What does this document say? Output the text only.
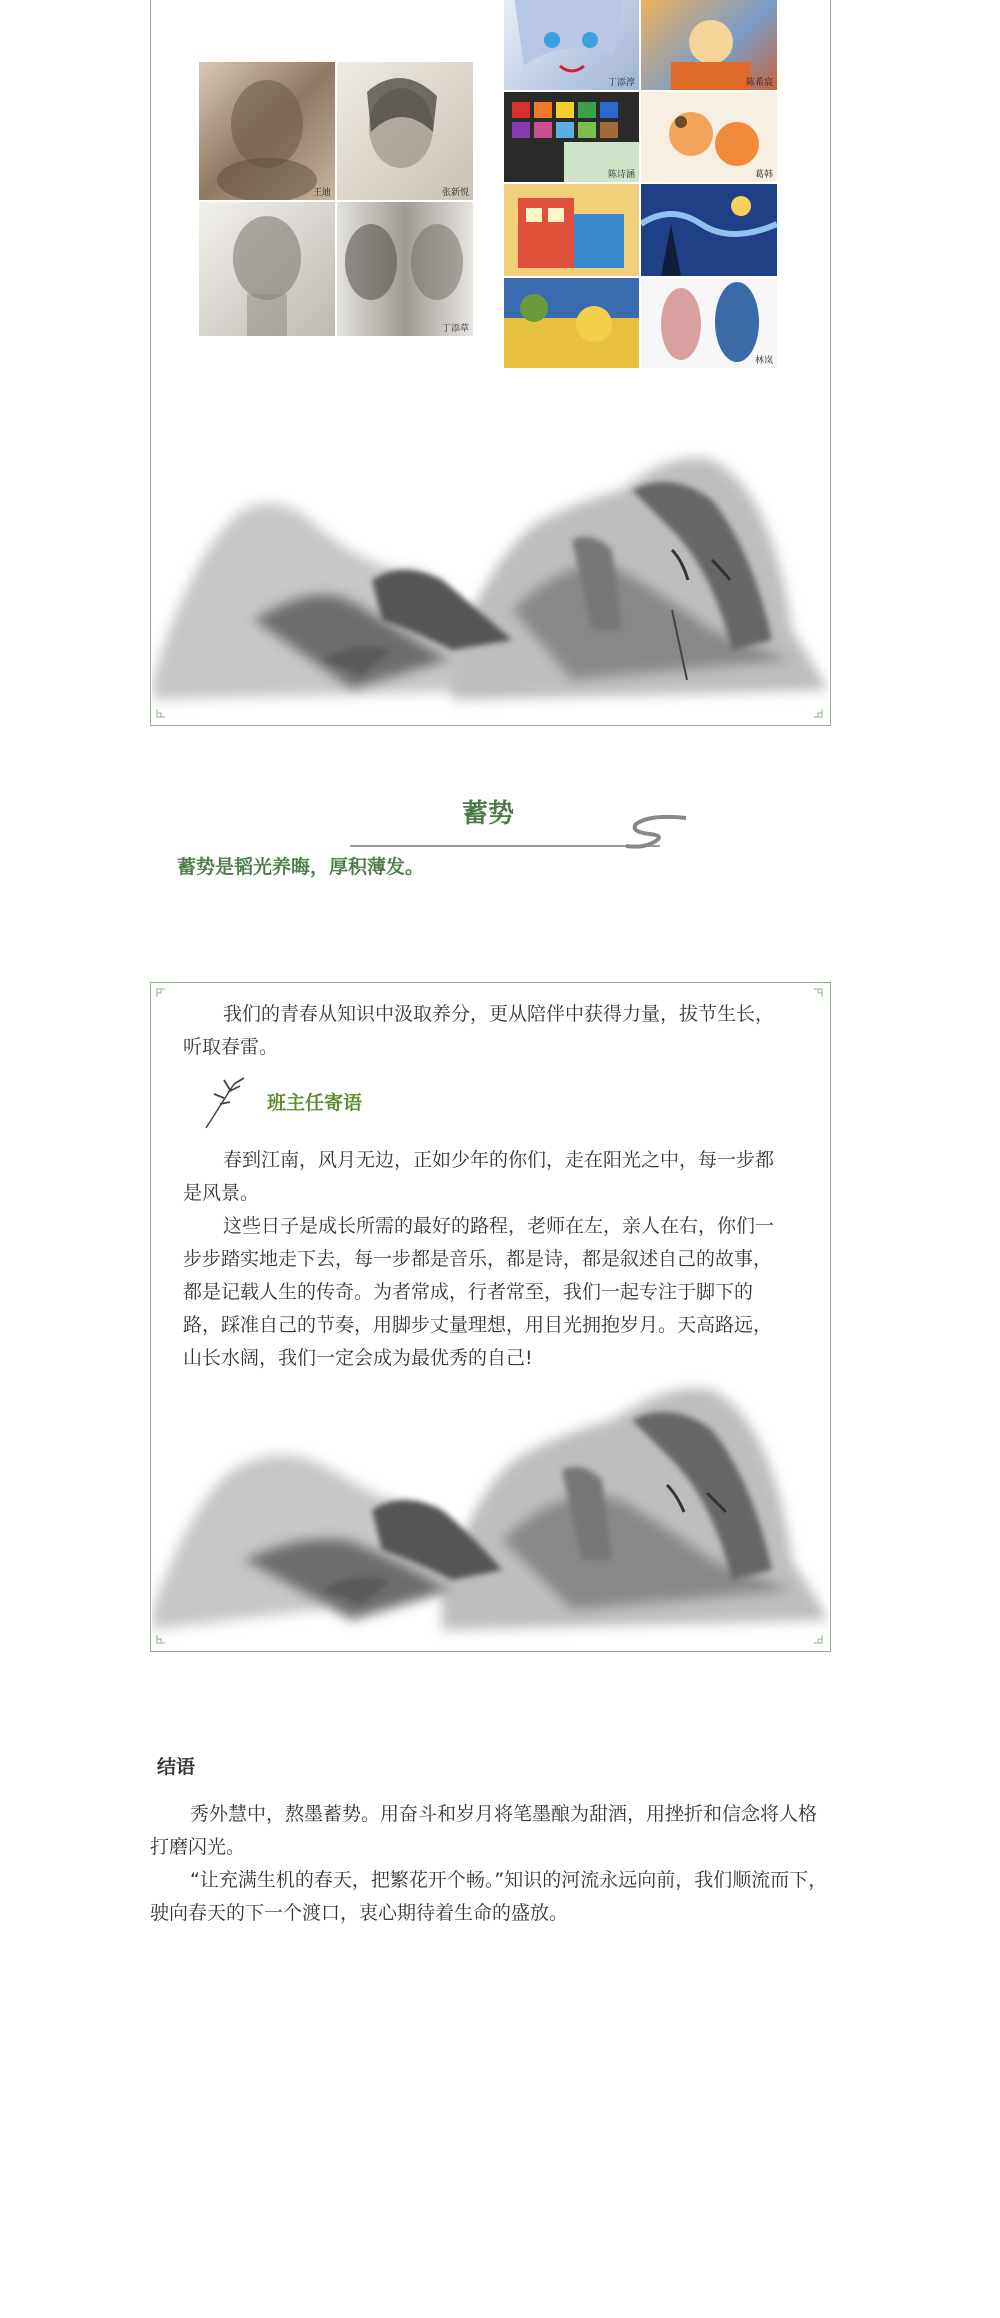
王迪	张新悦
丁添草
丁添淳	陈希宸
陈诗涵	葛韩
林岚
蓄势
蓄势是韬光养晦，厚积薄发。

我们的青春从知识中汲取养分，更从陪伴中获得力量，拔节生长，听取春雷。

班主任寄语

春到江南，风月无边，正如少年的你们，走在阳光之中，每一步都是风景。

这些日子是成长所需的最好的路程，老师在左，亲人在右，你们一步步踏实地走下去，每一步都是音乐，都是诗，都是叙述自己的故事，都是记载人生的传奇。为者常成，行者常至，我们一起专注于脚下的路，踩准自己的节奏，用脚步丈量理想，用目光拥抱岁月。天高路远，山长水阔，我们一定会成为最优秀的自己!

结语

秀外慧中，熬墨蓄势。用奋斗和岁月将笔墨酿为甜酒，用挫折和信念将人格打磨闪光。

“让充满生机的春天，把繁花开个畅。”知识的河流永远向前，我们顺流而下，驶向春天的下一个渡口，衷心期待着生命的盛放。
